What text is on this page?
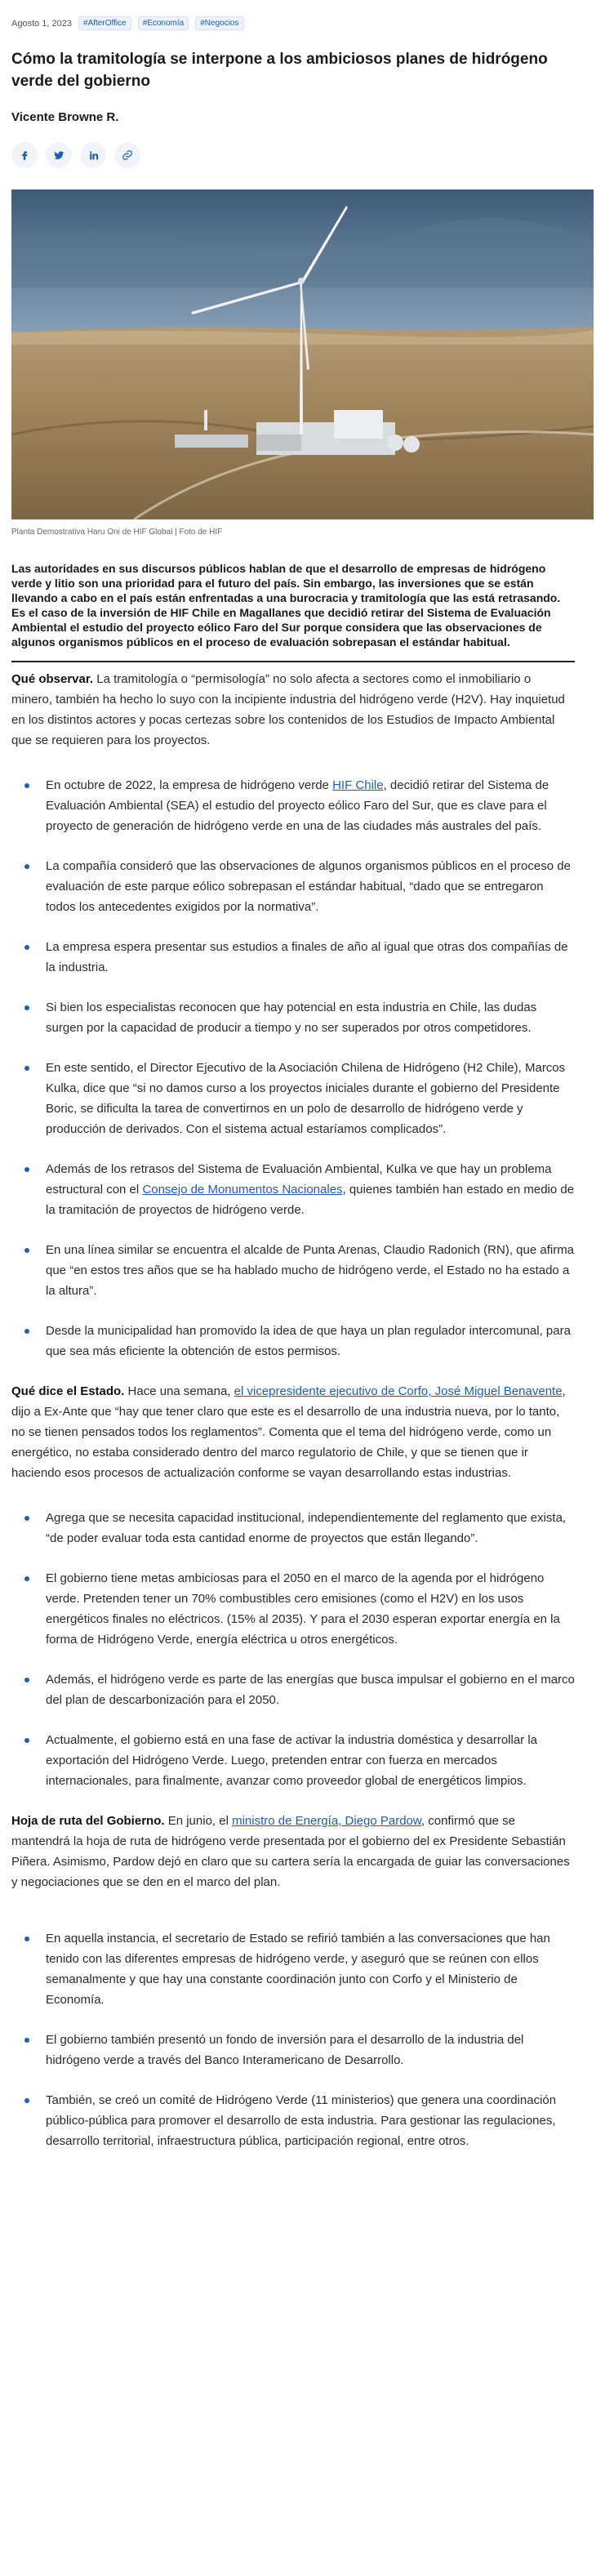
Agosto 1, 2023	#AfterOffice	#Economía	#Negocios
Cómo la tramitología se interpone a los ambiciosos planes de hidrógeno verde del gobierno
Vicente Browne R.
Planta Demostrativa Haru Oni de HIF Global | Foto de HIF

Las autoridades en sus discursos públicos hablan de que el desarrollo de empresas de hidrógeno verde y litio son una prioridad para el futuro del país. Sin embargo, las inversiones que se están llevando a cabo en el país están enfrentadas a una burocracia y tramitología que las está retrasando. Es el caso de la inversión de HIF Chile en Magallanes que decidió retirar del Sistema de Evaluación Ambiental el estudio del proyecto eólico Faro del Sur porque considera que las observaciones de algunos organismos públicos en el proceso de evaluación sobrepasan el estándar habitual.

Qué observar. La tramitología o “permisología” no solo afecta a sectores como el inmobiliario o minero, también ha hecho lo suyo con la incipiente industria del hidrógeno verde (H2V). Hay inquietud en los distintos actores y pocas certezas sobre los contenidos de los Estudios de Impacto Ambiental que se requieren para los proyectos.

En octubre de 2022, la empresa de hidrógeno verde HIF Chile, decidió retirar del Sistema de Evaluación Ambiental (SEA) el estudio del proyecto eólico Faro del Sur, que es clave para el proyecto de generación de hidrógeno verde en una de las ciudades más australes del país.
La compañía consideró que las observaciones de algunos organismos públicos en el proceso de evaluación de este parque eólico sobrepasan el estándar habitual, “dado que se entregaron todos los antecedentes exigidos por la normativa”.
La empresa espera presentar sus estudios a finales de año al igual que otras dos compañías de la industria.
Si bien los especialistas reconocen que hay potencial en esta industria en Chile, las dudas surgen por la capacidad de producir a tiempo y no ser superados por otros competidores.
En este sentido, el Director Ejecutivo de la Asociación Chilena de Hidrógeno (H2 Chile), Marcos Kulka, dice que “si no damos curso a los proyectos iniciales durante el gobierno del Presidente Boric, se dificulta la tarea de convertirnos en un polo de desarrollo de hidrógeno verde y producción de derivados. Con el sistema actual estaríamos complicados”.
Además de los retrasos del Sistema de Evaluación Ambiental, Kulka ve que hay un problema estructural con el Consejo de Monumentos Nacionales, quienes también han estado en medio de la tramitación de proyectos de hidrógeno verde.
En una línea similar se encuentra el alcalde de Punta Arenas, Claudio Radonich (RN), que afirma que “en estos tres años que se ha hablado mucho de hidrógeno verde, el Estado no ha estado a la altura”.
Desde la municipalidad han promovido la idea de que haya un plan regulador intercomunal, para que sea más eficiente la obtención de estos permisos.

Qué dice el Estado. Hace una semana, el vicepresidente ejecutivo de Corfo, José Miguel Benavente, dijo a Ex-Ante que “hay que tener claro que este es el desarrollo de una industria nueva, por lo tanto, no se tienen pensados todos los reglamentos”. Comenta que el tema del hidrógeno verde, como un energético, no estaba considerado dentro del marco regulatorio de Chile, y que se tienen que ir haciendo esos procesos de actualización conforme se vayan desarrollando estas industrias.

Agrega que se necesita capacidad institucional, independientemente del reglamento que exista, “de poder evaluar toda esta cantidad enorme de proyectos que están llegando”.
El gobierno tiene metas ambiciosas para el 2050 en el marco de la agenda por el hidrógeno verde. Pretenden tener un 70% combustibles cero emisiones (como el H2V) en los usos energéticos finales no eléctricos. (15% al 2035). Y para el 2030 esperan exportar energía en la forma de Hidrógeno Verde, energía eléctrica u otros energéticos.
Además, el hidrógeno verde es parte de las energías que busca impulsar el gobierno en el marco del plan de descarbonización para el 2050.
Actualmente, el gobierno está en una fase de activar la industria doméstica y desarrollar la exportación del Hidrógeno Verde. Luego, pretenden entrar con fuerza en mercados internacionales, para finalmente, avanzar como proveedor global de energéticos limpios.

Hoja de ruta del Gobierno. En junio, el ministro de Energía, Diego Pardow, confirmó que se mantendrá la hoja de ruta de hidrógeno verde presentada por el gobierno del ex Presidente Sebastián Piñera. Asimismo, Pardow dejó en claro que su cartera sería la encargada de guiar las conversaciones y negociaciones que se den en el marco del plan.

En aquella instancia, el secretario de Estado se refirió también a las conversaciones que han tenido con las diferentes empresas de hidrógeno verde, y aseguró que se reúnen con ellos semanalmente y que hay una constante coordinación junto con Corfo y el Ministerio de Economía.
El gobierno también presentó un fondo de inversión para el desarrollo de la industria del hidrógeno verde a través del Banco Interamericano de Desarrollo.
También, se creó un comité de Hidrógeno Verde (11 ministerios) que genera una coordinación público-pública para promover el desarrollo de esta industria. Para gestionar las regulaciones, desarrollo territorial, infraestructura pública, participación regional, entre otros.
